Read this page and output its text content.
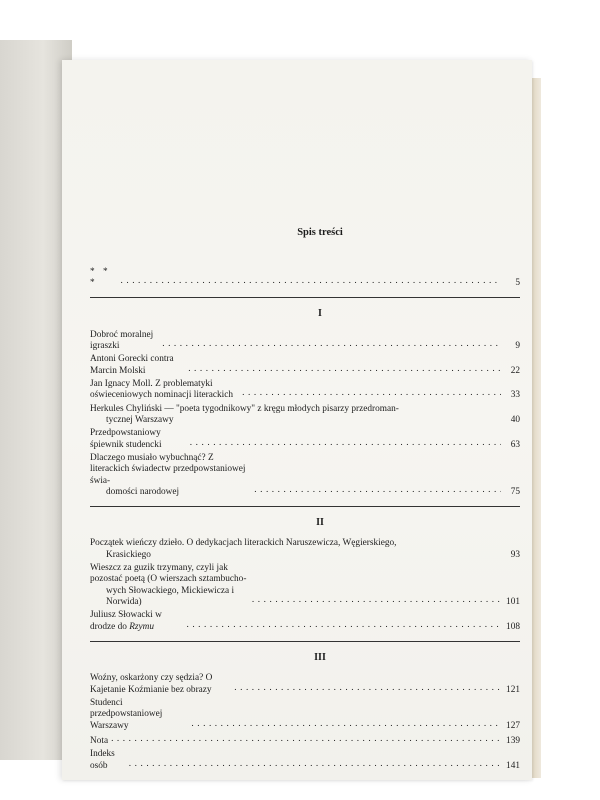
Spis treści
* * * . . .	5
I
Dobroć moralnej igraszki . . .	9
Antoni Gorecki contra Marcin Molski . . .	22
Jan Ignacy Moll. Z problematyki oświeceniowych nominacji literackich . . .	33
Herkules Chyliński — "poeta tygodnikowy" z kręgu młodych pisarzy przedroman-
tycznej Warszawy	40
Przedpowstaniowy śpiewnik studencki . . .	63
Dlaczego musiało wybuchnąć? Z literackich świadectw przedpowstaniowej świa-
domości narodowej . . .	75
II
Początek wieńczy dzieło. O dedykacjach literackich Naruszewicza, Węgierskiego,
Krasickiego	93
Wieszcz za guzik trzymany, czyli jak pozostać poetą (O wierszach sztambucho-
wych Słowackiego, Mickiewicza i Norwida) . . .	101
Juliusz Słowacki w drodze do Rzymu . . .	108
III
Woźny, oskarżony czy sędzia? O Kajetanie Koźmianie bez obrazy . . .	121
Studenci przedpowstaniowej Warszawy . . .	127
Nota . . .	139
Indeks osób . . .	141
